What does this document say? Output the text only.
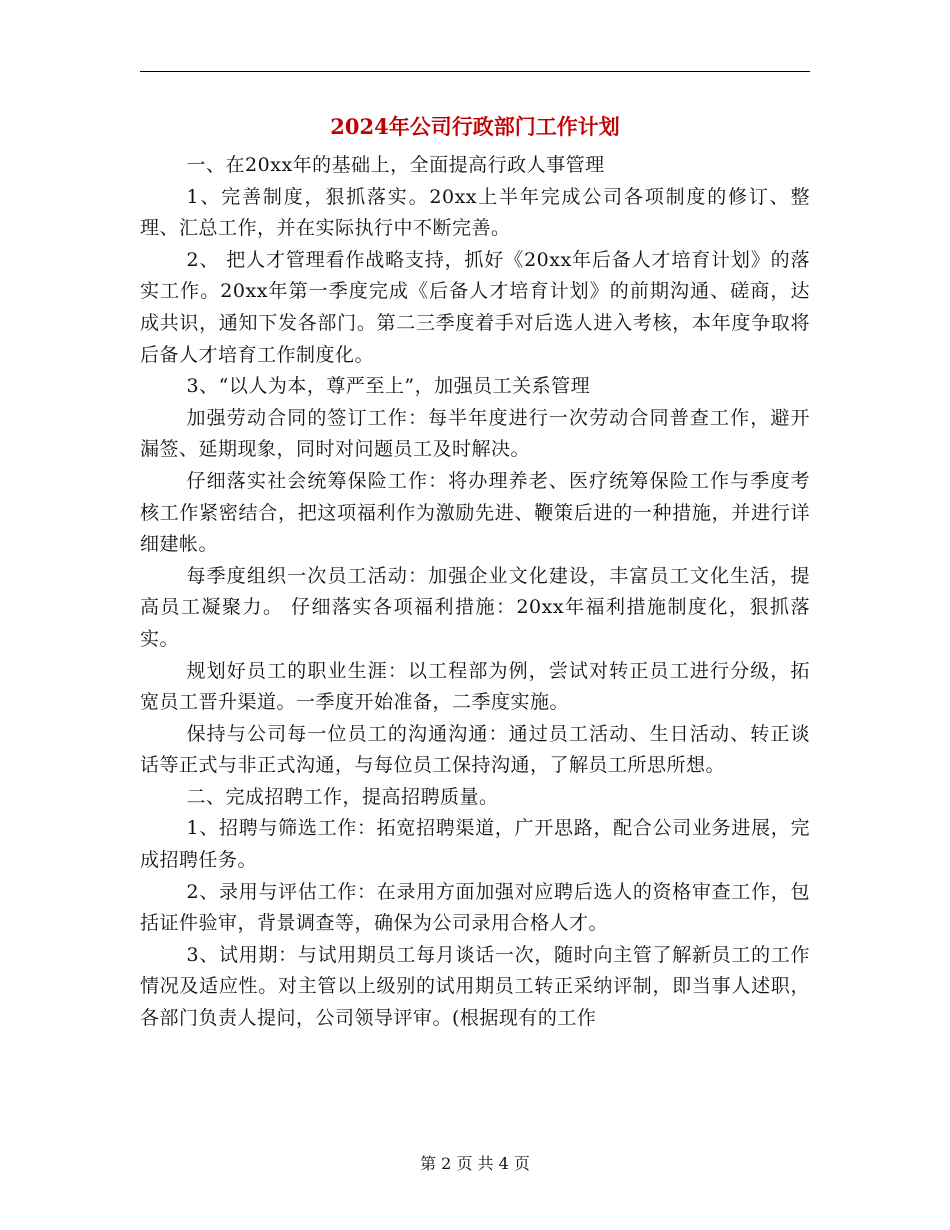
2024年公司行政部门工作计划

一、在20xx年的基础上，全面提高行政人事管理

1、完善制度，狠抓落实。20xx上半年完成公司各项制度的修订、整理、汇总工作，并在实际执行中不断完善。

2、 把人才管理看作战略支持，抓好《20xx年后备人才培育计划》的落实工作。20xx年第一季度完成《后备人才培育计划》的前期沟通、磋商，达成共识，通知下发各部门。第二三季度着手对后选人进入考核，本年度争取将后备人才培育工作制度化。

3、“以人为本，尊严至上”，加强员工关系管理

加强劳动合同的签订工作：每半年度进行一次劳动合同普查工作，避开漏签、延期现象，同时对问题员工及时解决。

仔细落实社会统筹保险工作：将办理养老、医疗统筹保险工作与季度考核工作紧密结合，把这项福利作为激励先进、鞭策后进的一种措施，并进行详细建帐。

每季度组织一次员工活动：加强企业文化建设，丰富员工文化生活，提高员工凝聚力。 仔细落实各项福利措施：20xx年福利措施制度化，狠抓落实。

规划好员工的职业生涯：以工程部为例，尝试对转正员工进行分级，拓宽员工晋升渠道。一季度开始准备，二季度实施。

保持与公司每一位员工的沟通沟通：通过员工活动、生日活动、转正谈话等正式与非正式沟通，与每位员工保持沟通，了解员工所思所想。

二、完成招聘工作，提高招聘质量。

1、招聘与筛选工作：拓宽招聘渠道，广开思路，配合公司业务进展，完成招聘任务。

2、录用与评估工作：在录用方面加强对应聘后选人的资格审查工作，包括证件验审，背景调查等，确保为公司录用合格人才。

3、试用期：与试用期员工每月谈话一次，随时向主管了解新员工的工作情况及适应性。对主管以上级别的试用期员工转正采纳评制，即当事人述职，各部门负责人提问，公司领导评审。(根据现有的工作

第 2 页 共 4 页
